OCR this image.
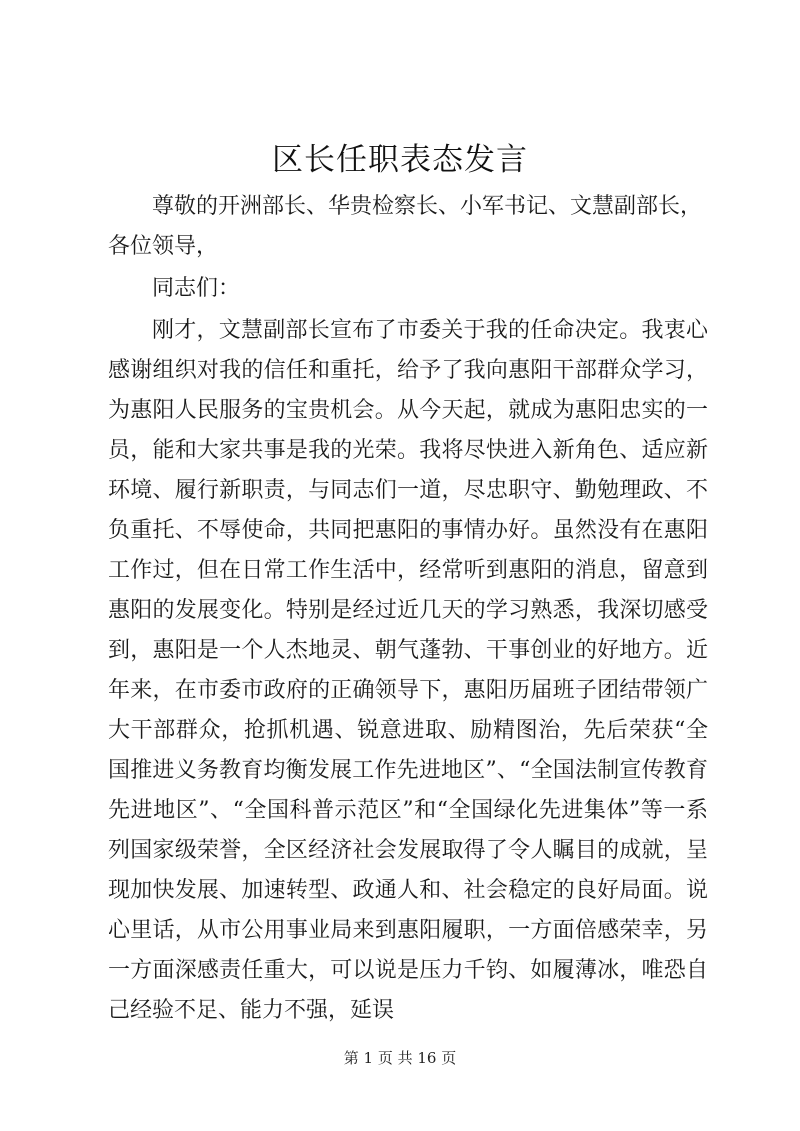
区长任职表态发言

尊敬的开洲部长、华贵检察长、小军书记、文慧副部长，各位领导，

同志们：

刚才，文慧副部长宣布了市委关于我的任命决定。我衷心感谢组织对我的信任和重托，给予了我向惠阳干部群众学习，为惠阳人民服务的宝贵机会。从今天起，就成为惠阳忠实的一员，能和大家共事是我的光荣。我将尽快进入新角色、适应新环境、履行新职责，与同志们一道，尽忠职守、勤勉理政、不负重托、不辱使命，共同把惠阳的事情办好。虽然没有在惠阳工作过，但在日常工作生活中，经常听到惠阳的消息，留意到惠阳的发展变化。特别是经过近几天的学习熟悉，我深切感受到，惠阳是一个人杰地灵、朝气蓬勃、干事创业的好地方。近年来，在市委市政府的正确领导下，惠阳历届班子团结带领广大干部群众，抢抓机遇、锐意进取、励精图治，先后荣获“全国推进义务教育均衡发展工作先进地区”、“全国法制宣传教育先进地区”、“全国科普示范区”和“全国绿化先进集体”等一系列国家级荣誉，全区经济社会发展取得了令人瞩目的成就，呈现加快发展、加速转型、政通人和、社会稳定的良好局面。说心里话，从市公用事业局来到惠阳履职，一方面倍感荣幸，另一方面深感责任重大，可以说是压力千钧、如履薄冰，唯恐自己经验不足、能力不强，延误

第 1 页 共 16 页
